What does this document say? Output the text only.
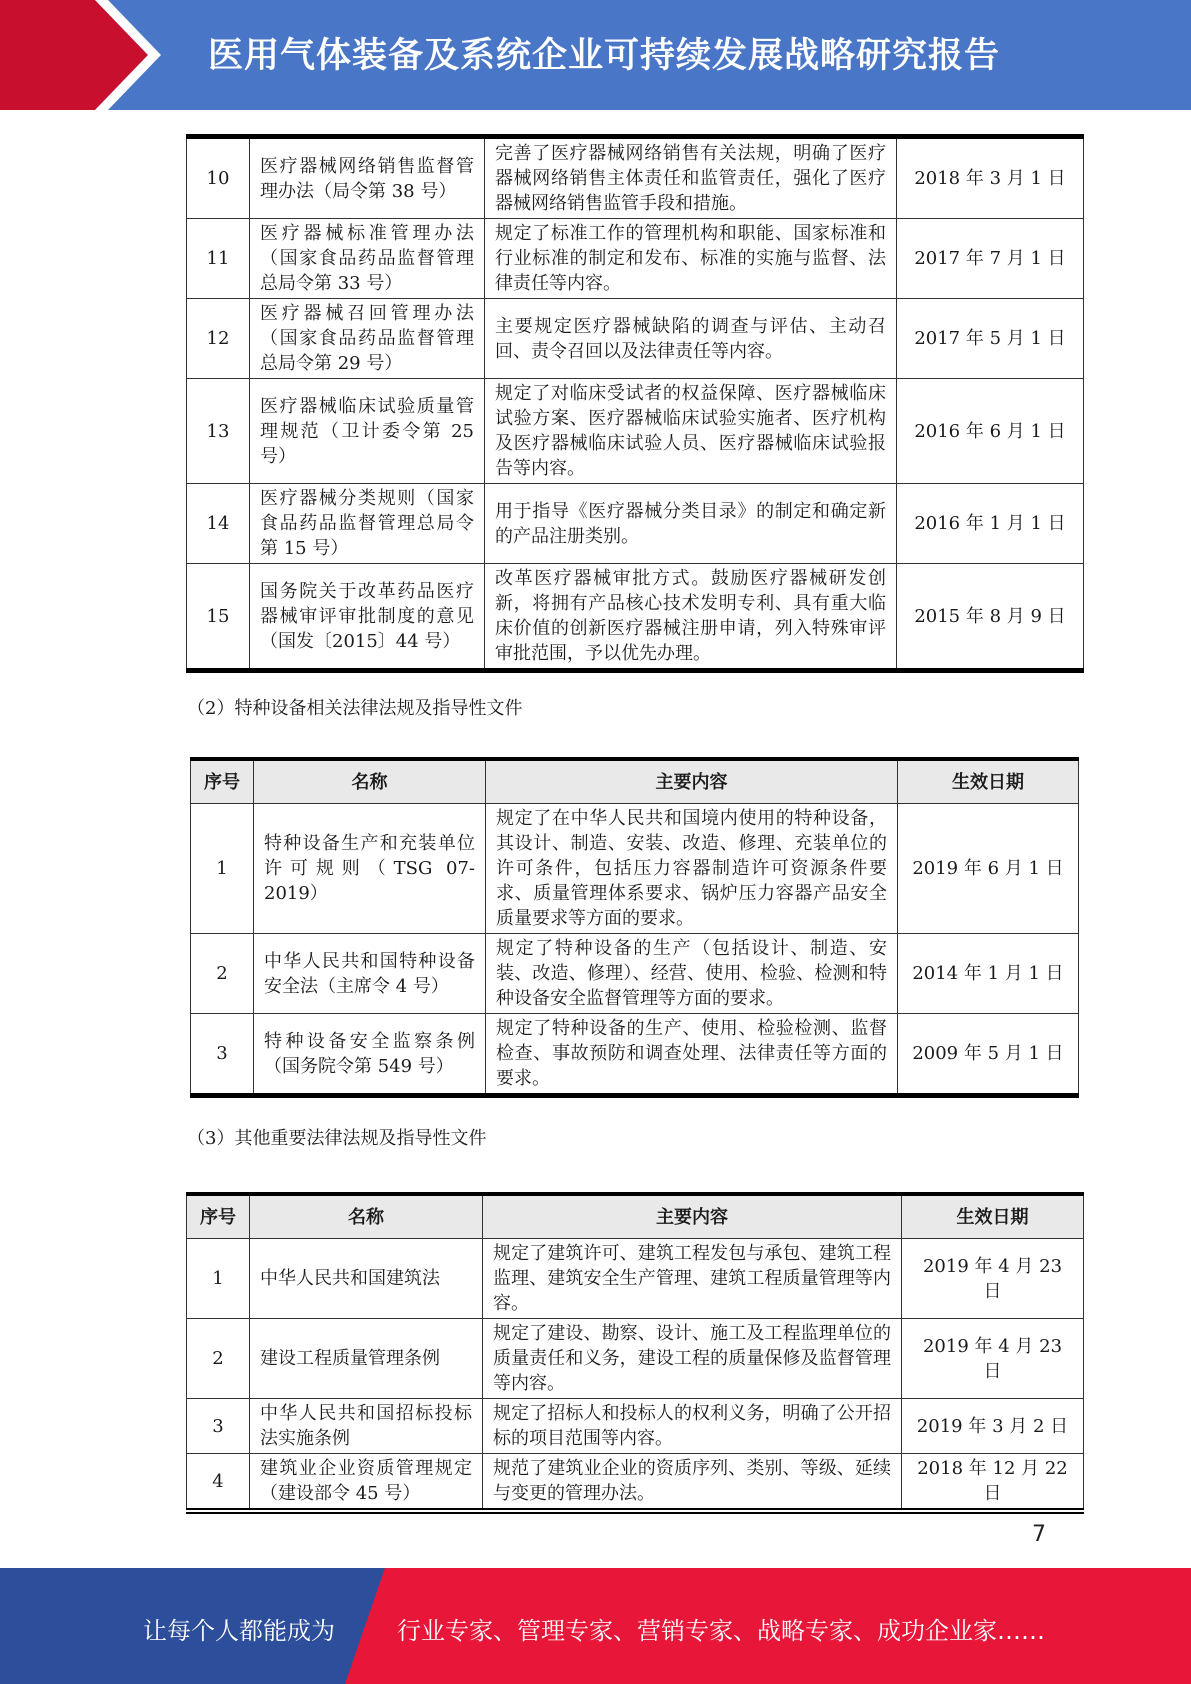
医用气体装备及系统企业可持续发展战略研究报告
10	医疗器械网络销售监督管理办法（局令第 38 号）	完善了医疗器械网络销售有关法规，明确了医疗器械网络销售主体责任和监管责任，强化了医疗器械网络销售监管手段和措施。	2018 年 3 月 1 日
11	医疗器械标准管理办法（国家食品药品监督管理总局令第 33 号）	规定了标准工作的管理机构和职能、国家标准和行业标准的制定和发布、标准的实施与监督、法律责任等内容。	2017 年 7 月 1 日
12	医疗器械召回管理办法（国家食品药品监督管理总局令第 29 号）	主要规定医疗器械缺陷的调查与评估、主动召回、责令召回以及法律责任等内容。	2017 年 5 月 1 日
13	医疗器械临床试验质量管理规范（卫计委令第 25 号）	规定了对临床受试者的权益保障、医疗器械临床试验方案、医疗器械临床试验实施者、医疗机构及医疗器械临床试验人员、医疗器械临床试验报告等内容。	2016 年 6 月 1 日
14	医疗器械分类规则（国家食品药品监督管理总局令第 15 号）	用于指导《医疗器械分类目录》的制定和确定新的产品注册类别。	2016 年 1 月 1 日
15	国务院关于改革药品医疗器械审评审批制度的意见（国发〔2015〕44 号）	改革医疗器械审批方式。鼓励医疗器械研发创新，将拥有产品核心技术发明专利、具有重大临床价值的创新医疗器械注册申请，列入特殊审评审批范围，予以优先办理。	2015 年 8 月 9 日
（2）特种设备相关法律法规及指导性文件
序号	名称	主要内容	生效日期
1	特种设备生产和充装单位许可规则（TSG 07-2019）	规定了在中华人民共和国境内使用的特种设备，其设计、制造、安装、改造、修理、充装单位的许可条件，包括压力容器制造许可资源条件要求、质量管理体系要求、锅炉压力容器产品安全质量要求等方面的要求。	2019 年 6 月 1 日
2	中华人民共和国特种设备安全法（主席令 4 号）	规定了特种设备的生产（包括设计、制造、安装、改造、修理）、经营、使用、检验、检测和特种设备安全监督管理等方面的要求。	2014 年 1 月 1 日
3	特种设备安全监察条例（国务院令第 549 号）	规定了特种设备的生产、使用、检验检测、监督检查、事故预防和调查处理、法律责任等方面的要求。	2009 年 5 月 1 日
（3）其他重要法律法规及指导性文件
序号	名称	主要内容	生效日期
1	中华人民共和国建筑法	规定了建筑许可、建筑工程发包与承包、建筑工程监理、建筑安全生产管理、建筑工程质量管理等内容。	2019 年 4 月 23 日
2	建设工程质量管理条例	规定了建设、勘察、设计、施工及工程监理单位的质量责任和义务，建设工程的质量保修及监督管理等内容。	2019 年 4 月 23 日
3	中华人民共和国招标投标法实施条例	规定了招标人和投标人的权利义务，明确了公开招标的项目范围等内容。	2019 年 3 月 2 日
4	建筑业企业资质管理规定（建设部令 45 号）	规范了建筑业企业的资质序列、类别、等级、延续与变更的管理办法。	2018 年 12 月 22 日
7
让每个人都能成为	行业专家、管理专家、营销专家、战略专家、成功企业家……
